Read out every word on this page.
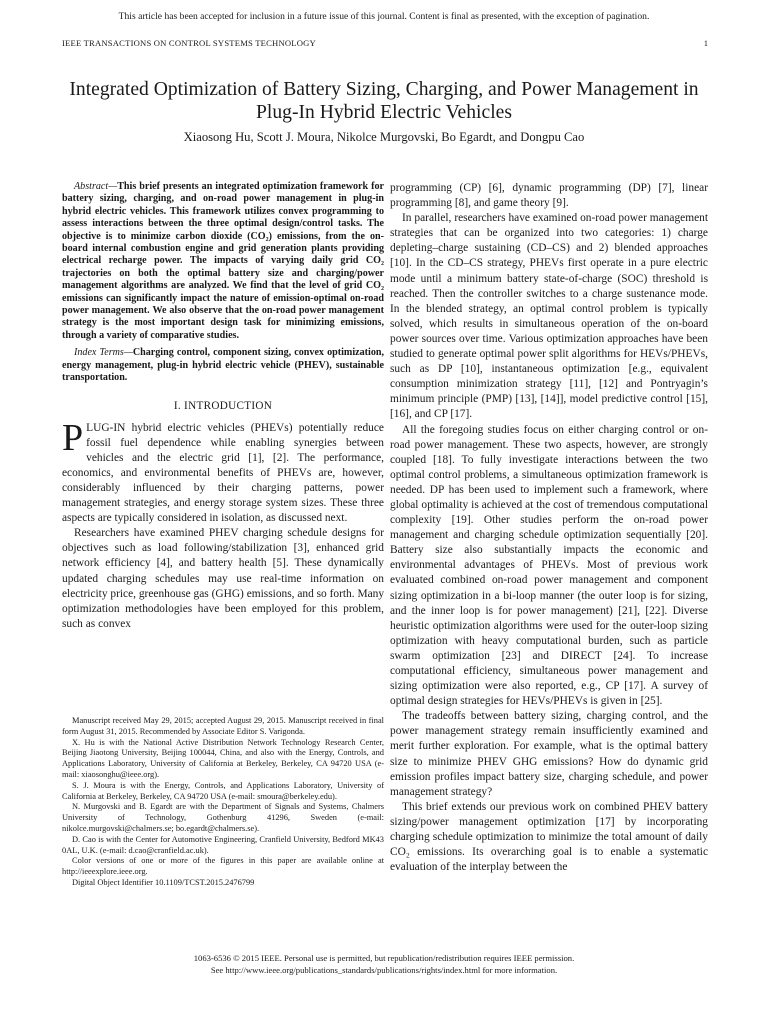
This article has been accepted for inclusion in a future issue of this journal. Content is final as presented, with the exception of pagination.
IEEE TRANSACTIONS ON CONTROL SYSTEMS TECHNOLOGY	1
Integrated Optimization of Battery Sizing, Charging, and Power Management in Plug-In Hybrid Electric Vehicles
Xiaosong Hu, Scott J. Moura, Nikolce Murgovski, Bo Egardt, and Dongpu Cao

Abstract—This brief presents an integrated optimization framework for battery sizing, charging, and on-road power management in plug-in hybrid electric vehicles. This framework utilizes convex programming to assess interactions between the three optimal design/control tasks. The objective is to minimize carbon dioxide (CO₂) emissions, from the on-board internal combustion engine and grid generation plants providing electrical recharge power. The impacts of varying daily grid CO₂ trajectories on both the optimal battery size and charging/power management algorithms are analyzed. We find that the level of grid CO₂ emissions can significantly impact the nature of emission-optimal on-road power management. We also observe that the on-road power management strategy is the most important design task for minimizing emissions, through a variety of comparative studies.

Index Terms—Charging control, component sizing, convex optimization, energy management, plug-in hybrid electric vehicle (PHEV), sustainable transportation.

I. INTRODUCTION

PLUG-IN hybrid electric vehicles (PHEVs) potentially reduce fossil fuel dependence while enabling synergies between vehicles and the electric grid [1], [2]. The performance, economics, and environmental benefits of PHEVs are, however, considerably influenced by their charging patterns, power management strategies, and energy storage system sizes. These three aspects are typically considered in isolation, as discussed next.

Researchers have examined PHEV charging schedule designs for objectives such as load following/stabilization [3], enhanced grid network efficiency [4], and battery health [5]. These dynamically updated charging schedules may use real-time information on electricity price, greenhouse gas (GHG) emissions, and so forth. Many optimization methodologies have been employed for this problem, such as convex

Manuscript received May 29, 2015; accepted August 29, 2015. Manuscript received in final form August 31, 2015. Recommended by Associate Editor S. Varigonda.

X. Hu is with the National Active Distribution Network Technology Research Center, Beijing Jiaotong University, Beijing 100044, China, and also with the Energy, Controls, and Applications Laboratory, University of California at Berkeley, Berkeley, CA 94720 USA (e-mail: xiaosonghu@ieee.org).

S. J. Moura is with the Energy, Controls, and Applications Laboratory, University of California at Berkeley, Berkeley, CA 94720 USA (e-mail: smoura@berkeley.edu).

N. Murgovski and B. Egardt are with the Department of Signals and Systems, Chalmers University of Technology, Gothenburg 41296, Sweden (e-mail: nikolce.murgovski@chalmers.se; bo.egardt@chalmers.se).

D. Cao is with the Center for Automotive Engineering, Cranfield University, Bedford MK43 0AL, U.K. (e-mail: d.cao@cranfield.ac.uk).

Color versions of one or more of the figures in this paper are available online at http://ieeexplore.ieee.org.

Digital Object Identifier 10.1109/TCST.2015.2476799

programming (CP) [6], dynamic programming (DP) [7], linear programming [8], and game theory [9].

In parallel, researchers have examined on-road power management strategies that can be organized into two categories: 1) charge depleting–charge sustaining (CD–CS) and 2) blended approaches [10]. In the CD–CS strategy, PHEVs first operate in a pure electric mode until a minimum battery state-of-charge (SOC) threshold is reached. Then the controller switches to a charge sustenance mode. In the blended strategy, an optimal control problem is typically solved, which results in simultaneous operation of the on-board power sources over time. Various optimization approaches have been studied to generate optimal power split algorithms for HEVs/PHEVs, such as DP [10], instantaneous optimization [e.g., equivalent consumption minimization strategy [11], [12] and Pontryagin’s minimum principle (PMP) [13], [14]], model predictive control [15], [16], and CP [17].

All the foregoing studies focus on either charging control or on-road power management. These two aspects, however, are strongly coupled [18]. To fully investigate interactions between the two optimal control problems, a simultaneous optimization framework is needed. DP has been used to implement such a framework, where global optimality is achieved at the cost of tremendous computational complexity [19]. Other studies perform the on-road power management and charging schedule optimization sequentially [20]. Battery size also substantially impacts the economic and environmental advantages of PHEVs. Most of previous work evaluated combined on-road power management and component sizing optimization in a bi-loop manner (the outer loop is for sizing, and the inner loop is for power management) [21], [22]. Diverse heuristic optimization algorithms were used for the outer-loop sizing optimization with heavy computational burden, such as particle swarm optimization [23] and DIRECT [24]. To increase computational efficiency, simultaneous power management and sizing optimization were also reported, e.g., CP [17]. A survey of optimal design strategies for HEVs/PHEVs is given in [25].

The tradeoffs between battery sizing, charging control, and the power management strategy remain insufficiently examined and merit further exploration. For example, what is the optimal battery size to minimize PHEV GHG emissions? How do dynamic grid emission profiles impact battery size, charging schedule, and power management strategy?

This brief extends our previous work on combined PHEV battery sizing/power management optimization [17] by incorporating charging schedule optimization to minimize the total amount of daily CO₂ emissions. Its overarching goal is to enable a systematic evaluation of the interplay between the

1063-6536 © 2015 IEEE. Personal use is permitted, but republication/redistribution requires IEEE permission.
See http://www.ieee.org/publications_standards/publications/rights/index.html for more information.
